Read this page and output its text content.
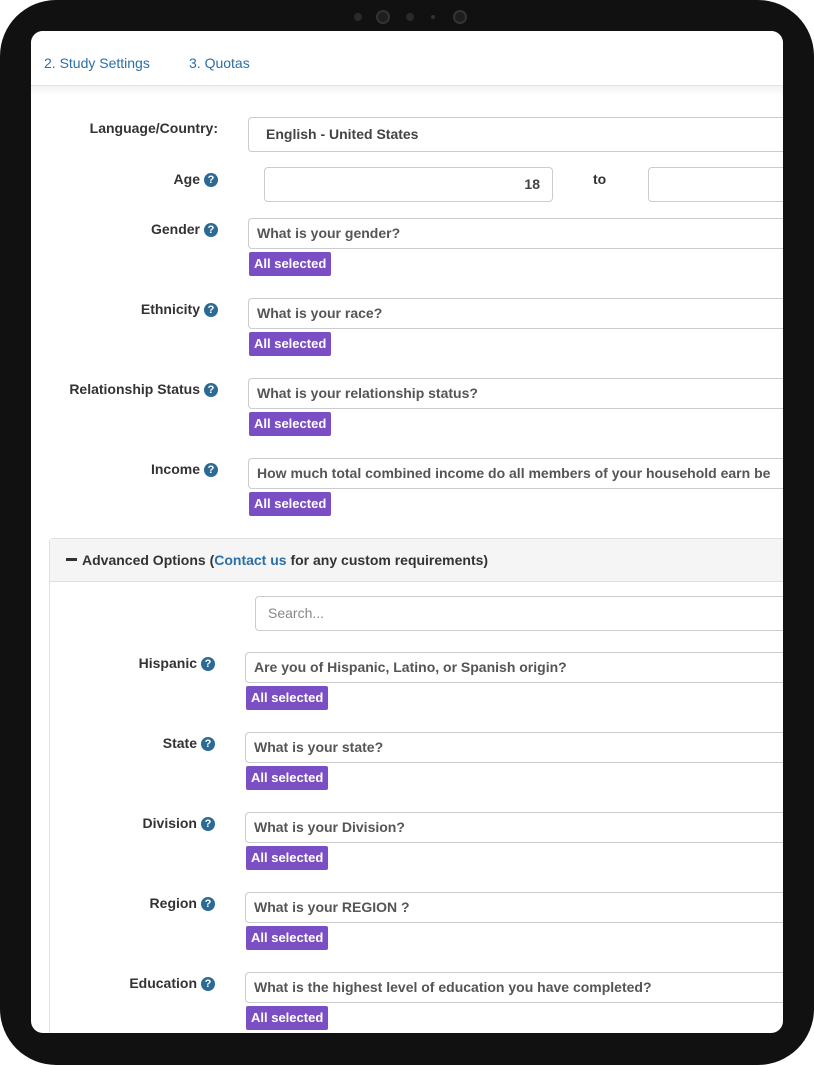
2. Study Settings	3. Quotas
Language/Country:	English - United States
Age ?	18	to
Gender ?	What is your gender?
All selected
Ethnicity ?	What is your race?
All selected
Relationship Status ?	What is your relationship status?
All selected
Income ?	How much total combined income do all members of your household earn be
All selected
Advanced Options (Contact us for any custom requirements)
Search...
Hispanic ?	Are you of Hispanic, Latino, or Spanish origin?
All selected
State ?	What is your state?
All selected
Division ?	What is your Division?
All selected
Region ?	What is your REGION ?
All selected
Education ?	What is the highest level of education you have completed?
All selected
